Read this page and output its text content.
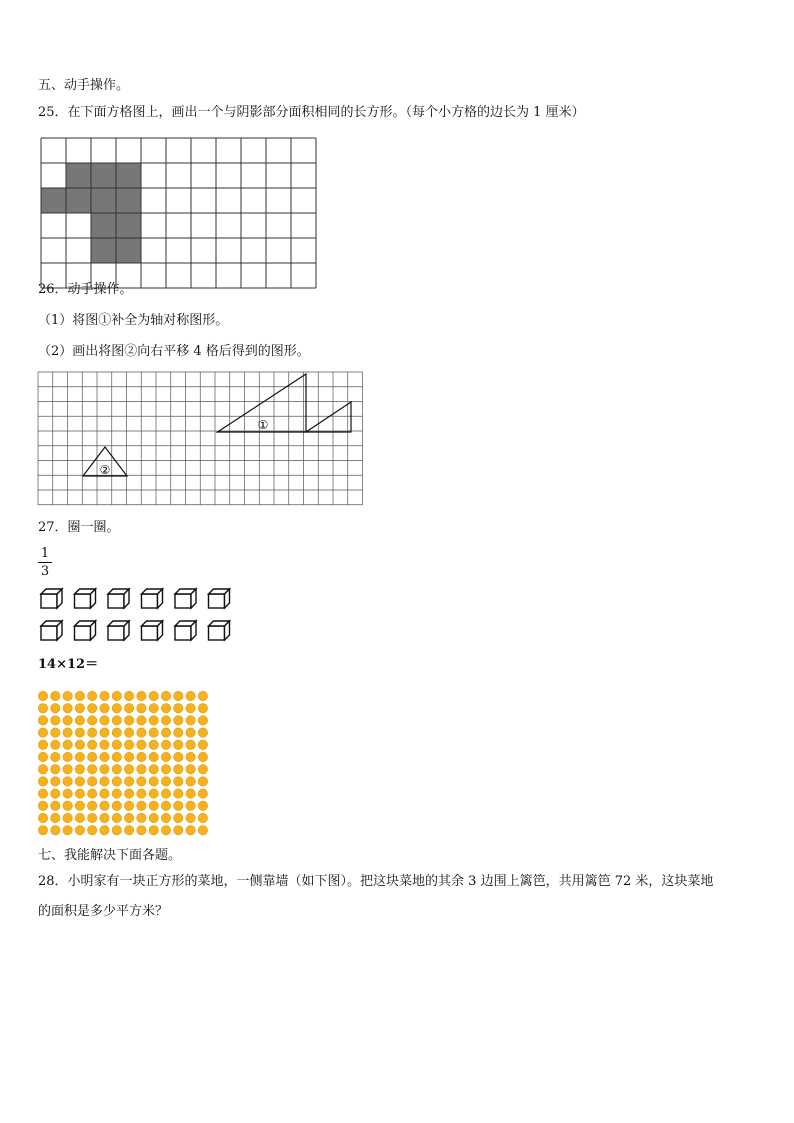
五、动手操作。
25．在下面方格图上，画出一个与阴影部分面积相同的长方形。（每个小方格的边长为 1 厘米）
26．动手操作。
（1）将图①补全为轴对称图形。
（2）画出将图②向右平移 4 格后得到的图形。
①
②
27．圈一圈。
1
3
14×12＝
七、我能解决下面各题。
28．小明家有一块正方形的菜地，一侧靠墙（如下图）。把这块菜地的其余 3 边围上篱笆，共用篱笆 72 米，这块菜地
的面积是多少平方米？
